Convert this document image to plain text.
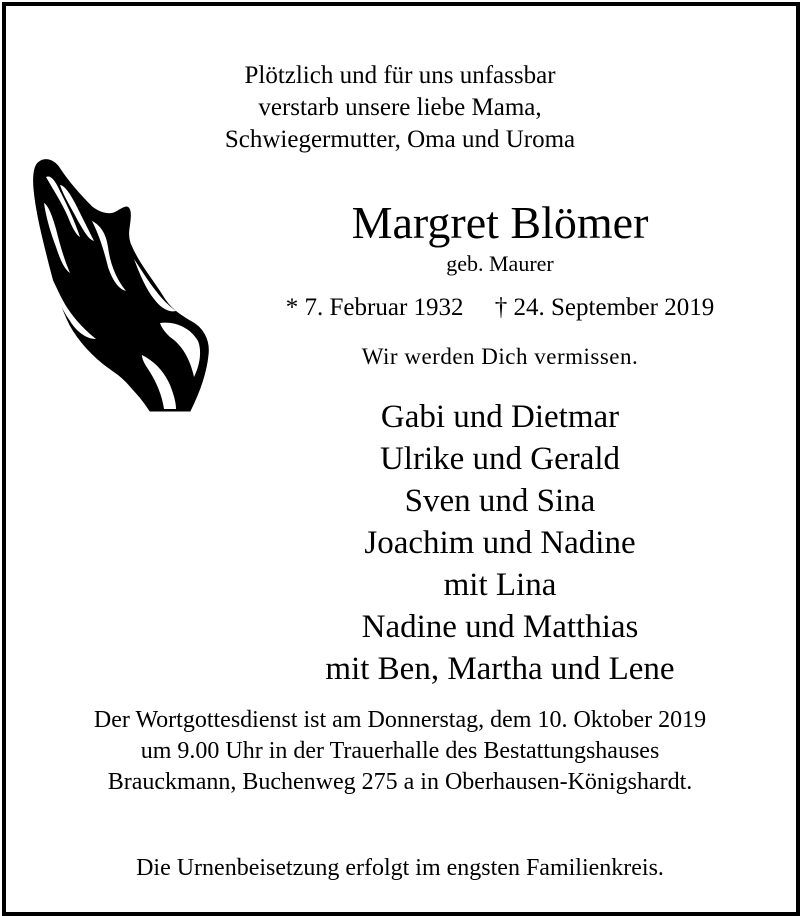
Plötzlich und für uns unfassbar
verstarb unsere liebe Mama,
Schwiegermutter, Oma und Uroma
Margret Blömer
geb. Maurer
* 7. Februar 1932 † 24. September 2019
Wir werden Dich vermissen.
Gabi und Dietmar
Ulrike und Gerald
Sven und Sina
Joachim und Nadine
mit Lina
Nadine und Matthias
mit Ben, Martha und Lene
Der Wortgottesdienst ist am Donnerstag, dem 10. Oktober 2019
um 9.00 Uhr in der Trauerhalle des Bestattungshauses
Brauckmann, Buchenweg 275 a in Oberhausen-Königshardt.
Die Urnenbeisetzung erfolgt im engsten Familienkreis.
